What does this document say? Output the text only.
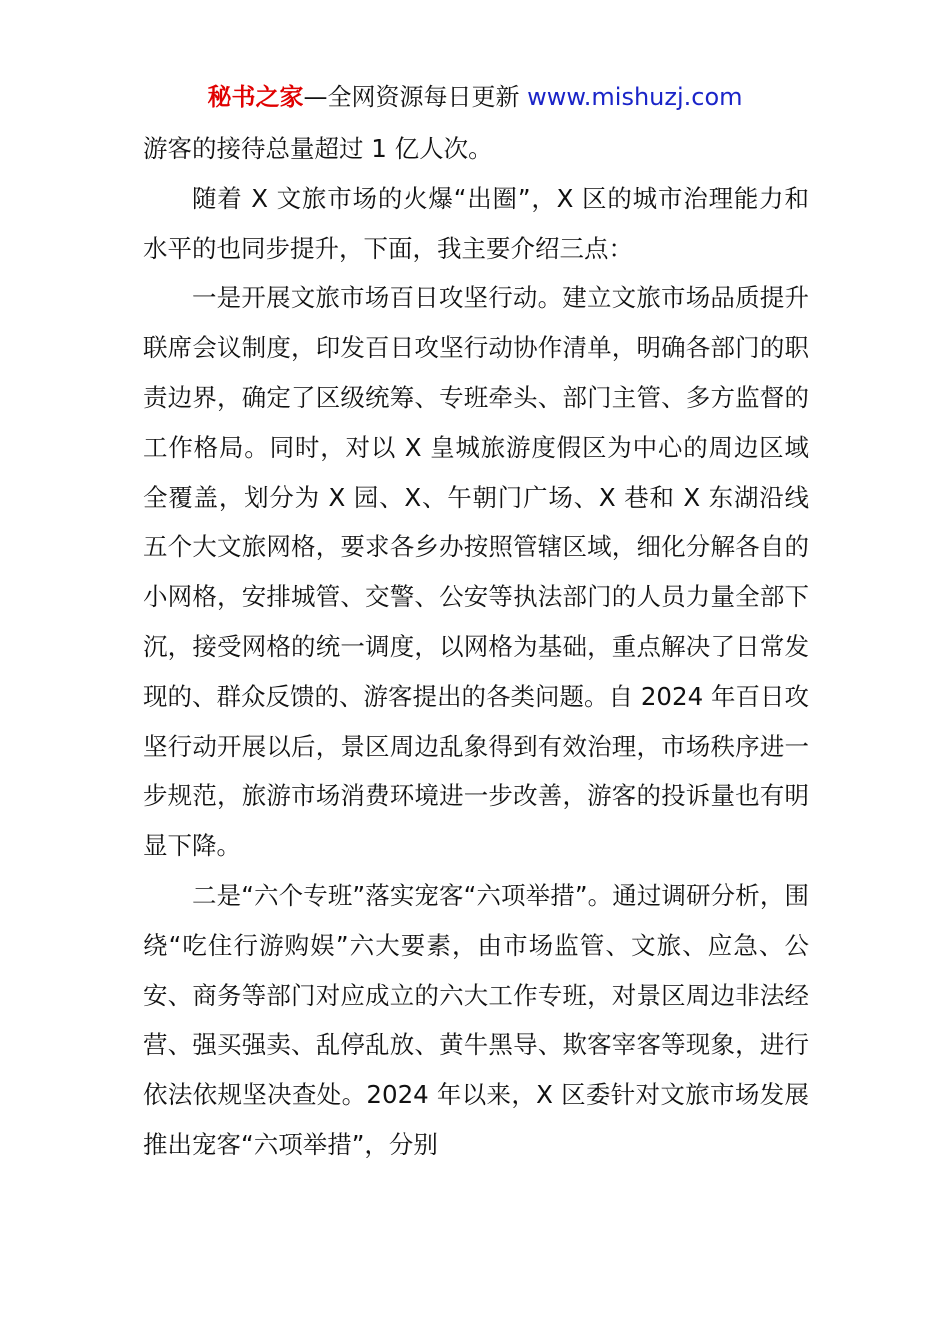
秘书之家—全网资源每日更新 www.mishuzj.com

游客的接待总量超过 1 亿人次。

随着 X 文旅市场的火爆“出圈”，X 区的城市治理能力和水平的也同步提升，下面，我主要介绍三点：

一是开展文旅市场百日攻坚行动。建立文旅市场品质提升联席会议制度，印发百日攻坚行动协作清单，明确各部门的职责边界，确定了区级统筹、专班牵头、部门主管、多方监督的工作格局。同时，对以 X 皇城旅游度假区为中心的周边区域全覆盖，划分为 X 园、X、午朝门广场、X 巷和 X 东湖沿线五个大文旅网格，要求各乡办按照管辖区域，细化分解各自的小网格，安排城管、交警、公安等执法部门的人员力量全部下沉，接受网格的统一调度，以网格为基础，重点解决了日常发现的、群众反馈的、游客提出的各类问题。自 2024 年百日攻坚行动开展以后，景区周边乱象得到有效治理，市场秩序进一步规范，旅游市场消费环境进一步改善，游客的投诉量也有明显下降。

二是“六个专班”落实宠客“六项举措”。通过调研分析，围绕“吃住行游购娱”六大要素，由市场监管、文旅、应急、公安、商务等部门对应成立的六大工作专班，对景区周边非法经营、强买强卖、乱停乱放、黄牛黑导、欺客宰客等现象，进行依法依规坚决查处。2024 年以来，X 区委针对文旅市场发展推出宠客“六项举措”，分别
